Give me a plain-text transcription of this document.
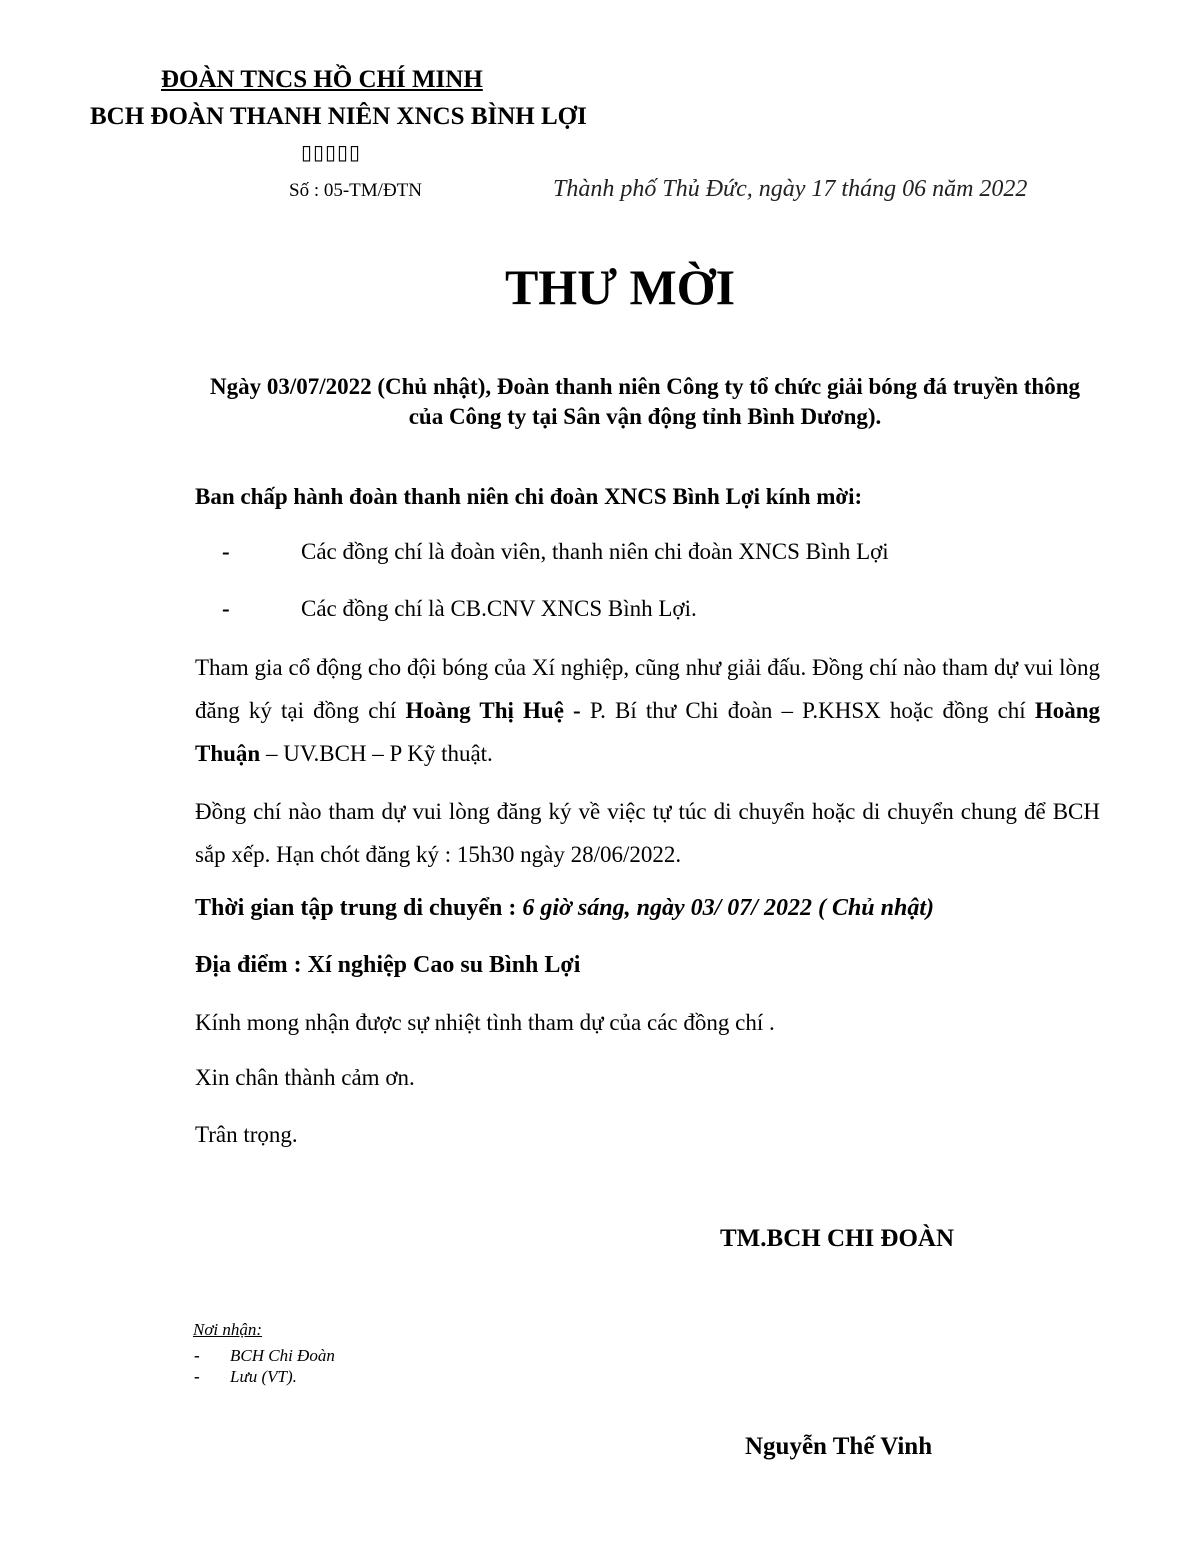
ĐOÀN TNCS HỒ CHÍ MINH
BCH ĐOÀN THANH NIÊN XNCS BÌNH LỢI
▯▯▯▯▯
Số : 05-TM/ĐTN	Thành phố Thủ Đức, ngày 17 tháng 06 năm 2022
THƯ MỜI
Ngày 03/07/2022 (Chủ nhật), Đoàn thanh niên Công ty tổ chức giải bóng đá truyền thông của Công ty tại Sân vận động tỉnh Bình Dương).
Ban chấp hành đoàn thanh niên chi đoàn XNCS Bình Lợi kính mời:
-	Các đồng chí là đoàn viên, thanh niên chi đoàn XNCS Bình Lợi
-	Các đồng chí là CB.CNV XNCS Bình Lợi.
Tham gia cổ động cho đội bóng của Xí nghiệp, cũng như giải đấu. Đồng chí nào tham dự vui lòng đăng ký tại đồng chí Hoàng Thị Huệ - P. Bí thư Chi đoàn – P.KHSX hoặc đồng chí Hoàng Thuận – UV.BCH – P Kỹ thuật.
Đồng chí nào tham dự vui lòng đăng ký về việc tự túc di chuyển hoặc di chuyển chung để BCH sắp xếp. Hạn chót đăng ký : 15h30 ngày 28/06/2022.
Thời gian tập trung di chuyển : 6 giờ sáng, ngày 03/ 07/ 2022 ( Chủ nhật)
Địa điểm : Xí nghiệp Cao su Bình Lợi
Kính mong nhận được sự nhiệt tình tham dự của các đồng chí .
Xin chân thành cảm ơn.
Trân trọng.
TM.BCH CHI ĐOÀN
Nơi nhận:
- BCH Chi Đoàn
- Lưu (VT).
Nguyễn Thế Vinh
